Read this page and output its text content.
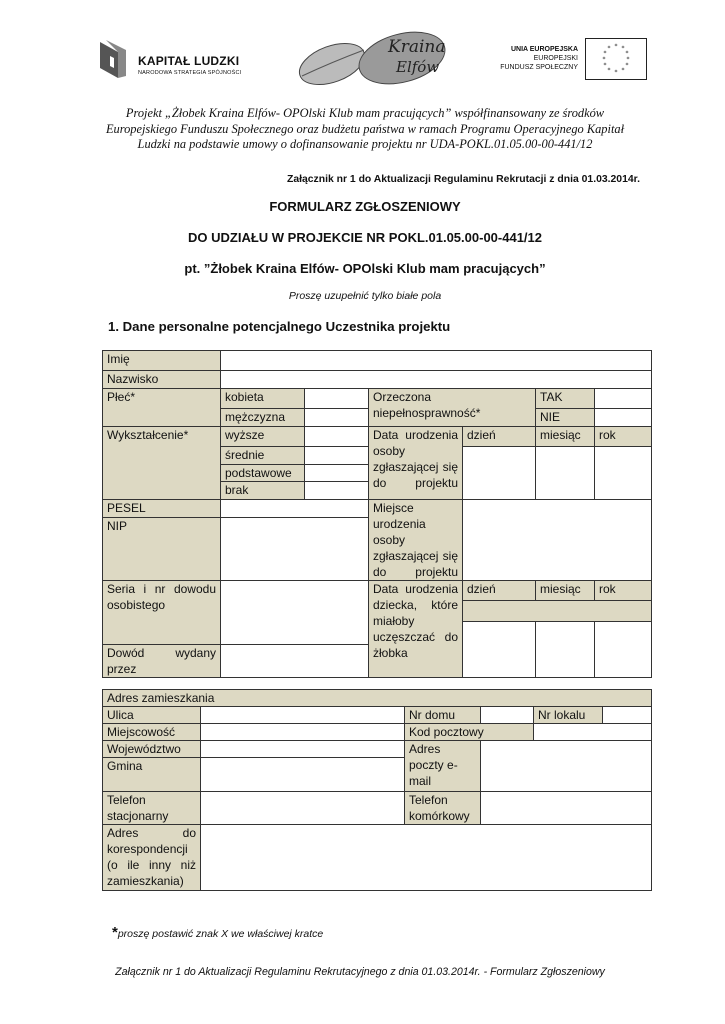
KAPITAŁ LUDZKI
NARODOWA STRATEGIA SPÓJNOŚCI
Kraina
Elfów
UNIA EUROPEJSKA
EUROPEJSKI
FUNDUSZ SPOŁECZNY
* *
*
*
*
*
*
*
*
*
*
*
Projekt „Żłobek Kraina Elfów- OPOlski Klub mam pracujących” współfinansowany ze środków Europejskiego Funduszu Społecznego oraz budżetu państwa w ramach Programu Operacyjnego Kapitał Ludzki na podstawie umowy o dofinansowanie projektu nr UDA-POKL.01.05.00-00-441/12
Załącznik nr 1 do Aktualizacji Regulaminu Rekrutacji z dnia 01.03.2014r.
FORMULARZ ZGŁOSZENIOWY
DO UDZIAŁU W PROJEKCIE NR POKL.01.05.00-00-441/12
pt. ”Żłobek Kraina Elfów- OPOlski Klub mam pracujących”
Proszę uzupełnić tylko białe pola
1. Dane personalne potencjalnego Uczestnika projektu
Imię						
Nazwisko						
Płeć*	kobieta		Orzeczona niepełnosprawność*		TAK	
	mężczyzna				NIE	
Wykształcenie*	wyższe		Data urodzenia osoby zgłaszającej się do projektu	dzień	miesiąc	rok
	średnie					
	podstawowe					
	brak					
PESEL			Miejsce urodzenia osoby zgłaszającej się do projektu			
NIP						

Seria i nr dowodu osobistego			Data urodzenia dziecka, które miałoby uczęszczać do żłobka	dzień	miesiąc	rok

Dowód wydany przez						
Adres zamieszkania					
Ulica		Nr domu		Nr lokalu	
Miejscowość		Kod pocztowy			
Województwo		Adres poczty e-mail			
Gmina					
Telefon stacjonarny		Telefon komórkowy			
Adres do korespondencji (o ile inny niż zamieszkania)					
*proszę postawić znak X we właściwej kratce
Załącznik nr 1 do Aktualizacji Regulaminu Rekrutacyjnego z dnia 01.03.2014r. - Formularz Zgłoszeniowy
